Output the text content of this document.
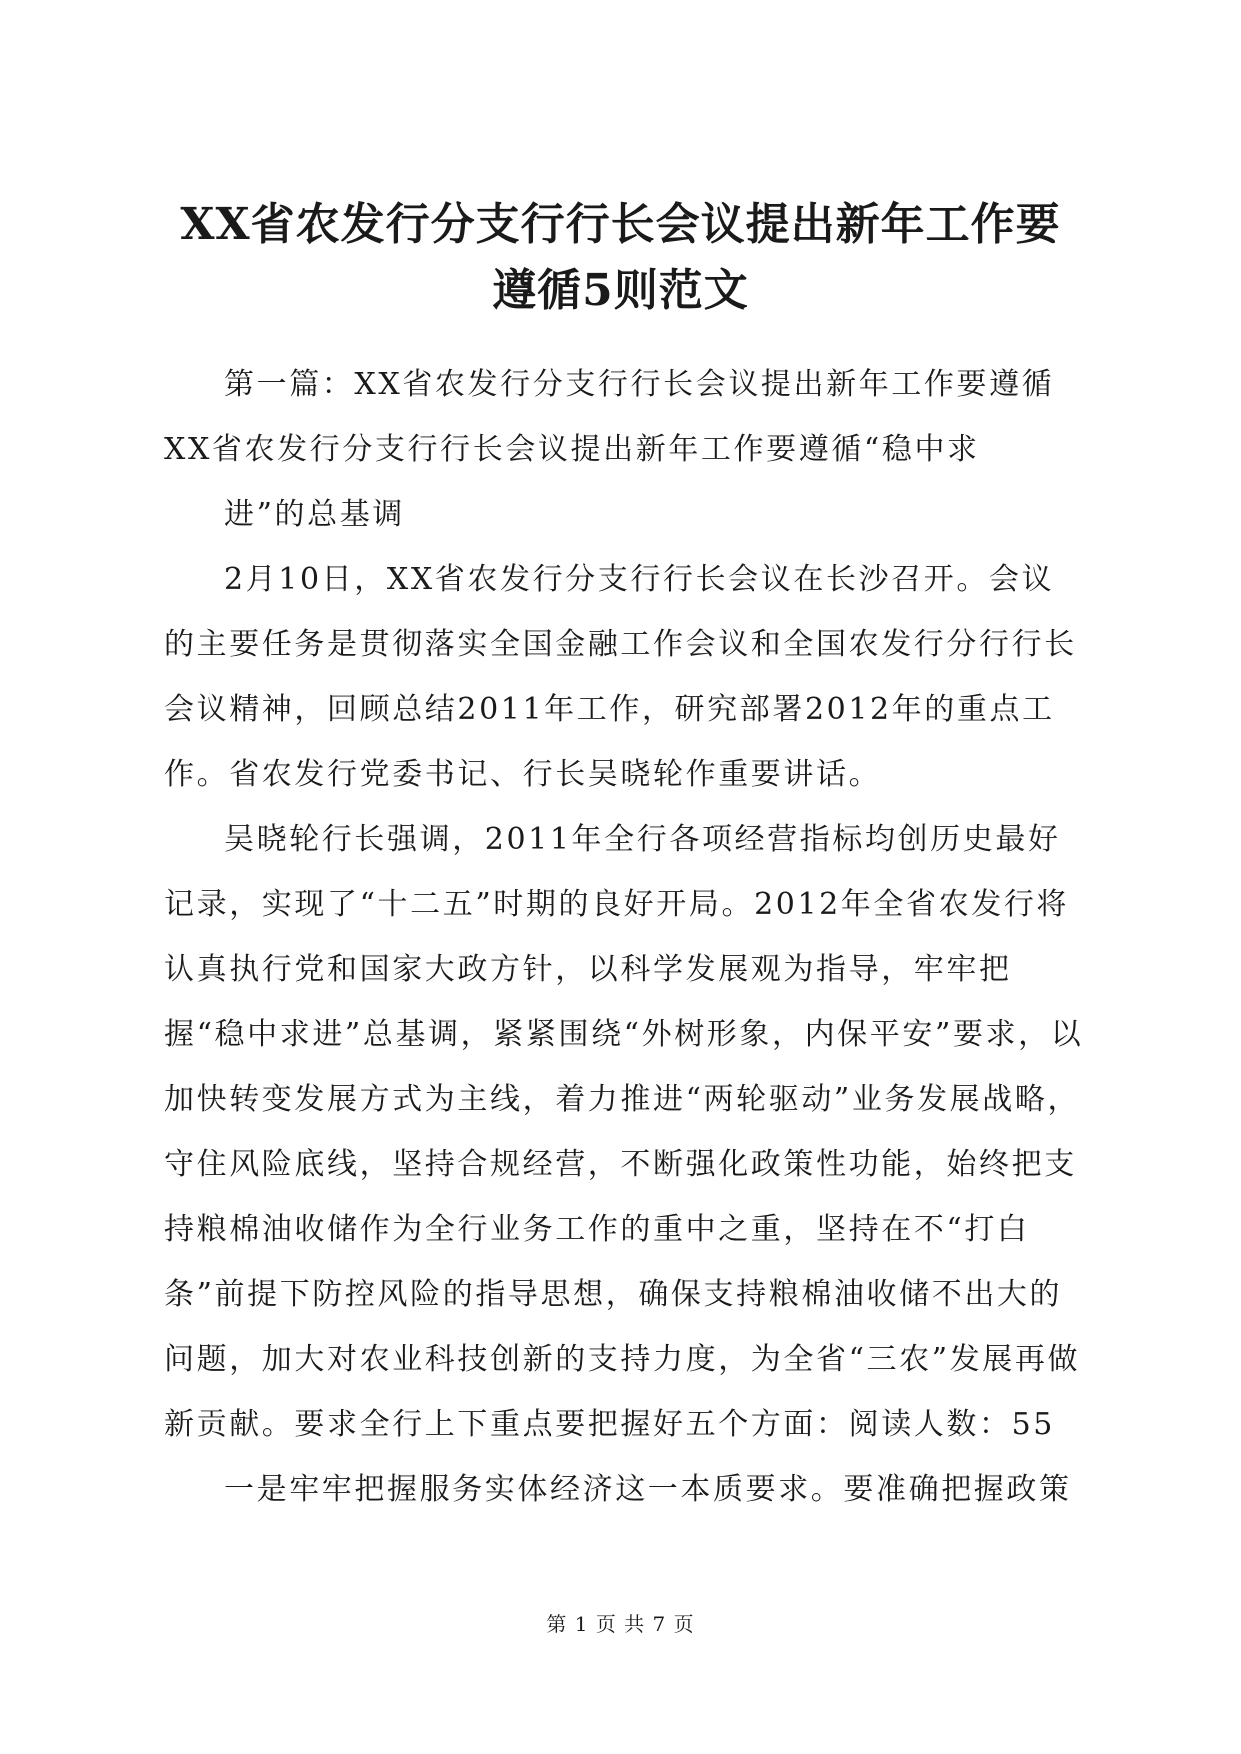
XX省农发行分支行行长会议提出新年工作要
遵循5则范文

第一篇：XX省农发行分支行行长会议提出新年工作要遵循

XX省农发行分支行行长会议提出新年工作要遵循“稳中求
进”的总基调

2月10日，XX省农发行分支行行长会议在长沙召开。会议的主要任务是贯彻落实全国金融工作会议和全国农发行分行行长会议精神，回顾总结2011年工作，研究部署2012年的重点工作。省农发行党委书记、行长吴晓轮作重要讲话。

吴晓轮行长强调，2011年全行各项经营指标均创历史最好记录，实现了“十二五”时期的良好开局。2012年全省农发行将认真执行党和国家大政方针，以科学发展观为指导，牢牢把握“稳中求进”总基调，紧紧围绕“外树形象，内保平安”要求，以加快转变发展方式为主线，着力推进“两轮驱动”业务发展战略，守住风险底线，坚持合规经营，不断强化政策性功能，始终把支持粮棉油收储作为全行业务工作的重中之重，坚持在不“打白条”前提下防控风险的指导思想，确保支持粮棉油收储不出大的问题，加大对农业科技创新的支持力度，为全省“三农”发展再做新贡献。要求全行上下重点要把握好五个方面：阅读人数：55

一是牢牢把握服务实体经济这一本质要求。要准确把握政策

第 1 页 共 7 页
